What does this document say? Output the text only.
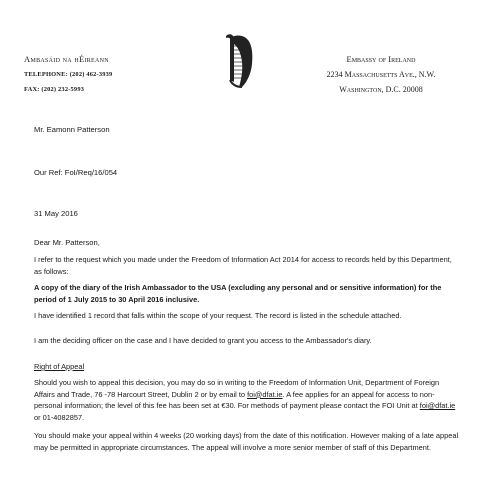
Ambasáid na hÉireann
TELEPHONE: (202) 462-3939
FAX: (202) 232-5993
Embassy of Ireland
2234 Massachusetts Ave., N.W.
Washington, D.C. 20008
Mr. Eamonn Patterson
Our Ref: FoI/Req/16/054
31 May 2016
Dear Mr. Patterson,
I refer to the request which you made under the Freedom of Information Act 2014 for access to records held by this Department, as follows:
A copy of the diary of the Irish Ambassador to the USA (excluding any personal and or sensitive information) for the period of 1 July 2015 to 30 April 2016 inclusive.
I have identified 1 record that falls within the scope of your request. The record is listed in the schedule attached.
I am the deciding officer on the case and I have decided to grant you access to the Ambassador's diary.
Right of Appeal
Should you wish to appeal this decision, you may do so in writing to the Freedom of Information Unit, Department of Foreign Affairs and Trade, 76 -78 Harcourt Street, Dublin 2 or by email to foi@dfat.ie. A fee applies for an appeal for access to non-personal information; the level of this fee has been set at €30. For methods of payment please contact the FOI Unit at foi@dfat.ie or 01-4082857.
You should make your appeal within 4 weeks (20 working days) from the date of this notification. However making of a late appeal may be permitted in appropriate circumstances. The appeal will involve a more senior member of staff of this Department.
